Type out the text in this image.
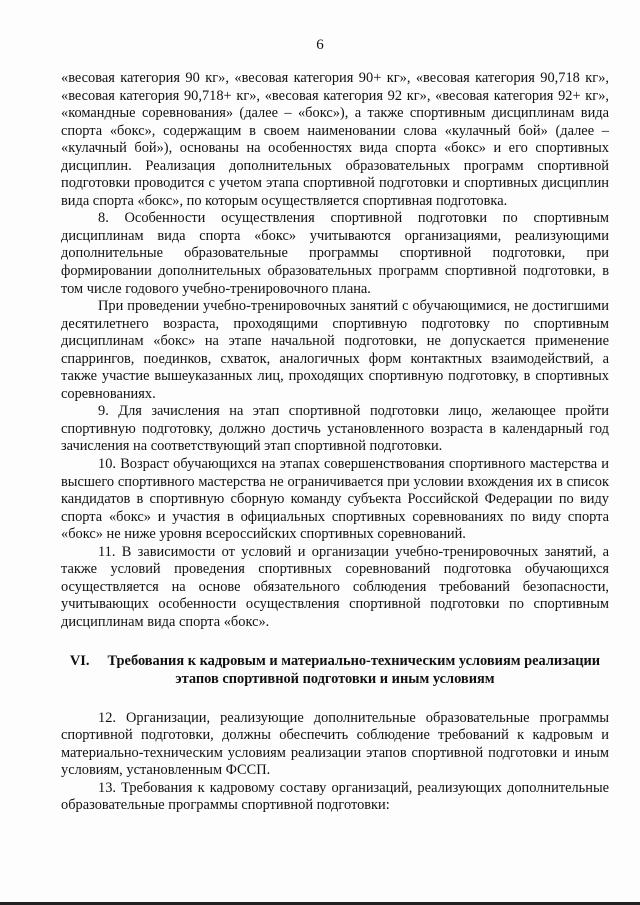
6

«весовая категория 90 кг», «весовая категория 90+ кг», «весовая категория 90,718 кг», «весовая категория 90,718+ кг», «весовая категория 92 кг», «весовая категория 92+ кг», «командные соревнования» (далее – «бокс»), а также спортивным дисциплинам вида спорта «бокс», содержащим в своем наименовании слова «кулачный бой» (далее – «кулачный бой»), основаны на особенностях вида спорта «бокс» и его спортивных дисциплин. Реализация дополнительных образовательных программ спортивной подготовки проводится с учетом этапа спортивной подготовки и спортивных дисциплин вида спорта «бокс», по которым осуществляется спортивная подготовка.

8. Особенности осуществления спортивной подготовки по спортивным дисциплинам вида спорта «бокс» учитываются организациями, реализующими дополнительные образовательные программы спортивной подготовки, при формировании дополнительных образовательных программ спортивной подготовки, в том числе годового учебно-тренировочного плана.

При проведении учебно-тренировочных занятий с обучающимися, не достигшими десятилетнего возраста, проходящими спортивную подготовку по спортивным дисциплинам «бокс» на этапе начальной подготовки, не допускается применение спаррингов, поединков, схваток, аналогичных форм контактных взаимодействий, а также участие вышеуказанных лиц, проходящих спортивную подготовку, в спортивных соревнованиях.

9. Для зачисления на этап спортивной подготовки лицо, желающее пройти спортивную подготовку, должно достичь установленного возраста в календарный год зачисления на соответствующий этап спортивной подготовки.

10. Возраст обучающихся на этапах совершенствования спортивного мастерства и высшего спортивного мастерства не ограничивается при условии вхождения их в список кандидатов в спортивную сборную команду субъекта Российской Федерации по виду спорта «бокс» и участия в официальных спортивных соревнованиях по виду спорта «бокс» не ниже уровня всероссийских спортивных соревнований.

11. В зависимости от условий и организации учебно-тренировочных занятий, а также условий проведения спортивных соревнований подготовка обучающихся осуществляется на основе обязательного соблюдения требований безопасности, учитывающих особенности осуществления спортивной подготовки по спортивным дисциплинам вида спорта «бокс».

VI. Требования к кадровым и материально-техническим условиям реализации этапов спортивной подготовки и иным условиям

12. Организации, реализующие дополнительные образовательные программы спортивной подготовки, должны обеспечить соблюдение требований к кадровым и материально-техническим условиям реализации этапов спортивной подготовки и иным условиям, установленным ФССП.

13. Требования к кадровому составу организаций, реализующих дополнительные образовательные программы спортивной подготовки:
